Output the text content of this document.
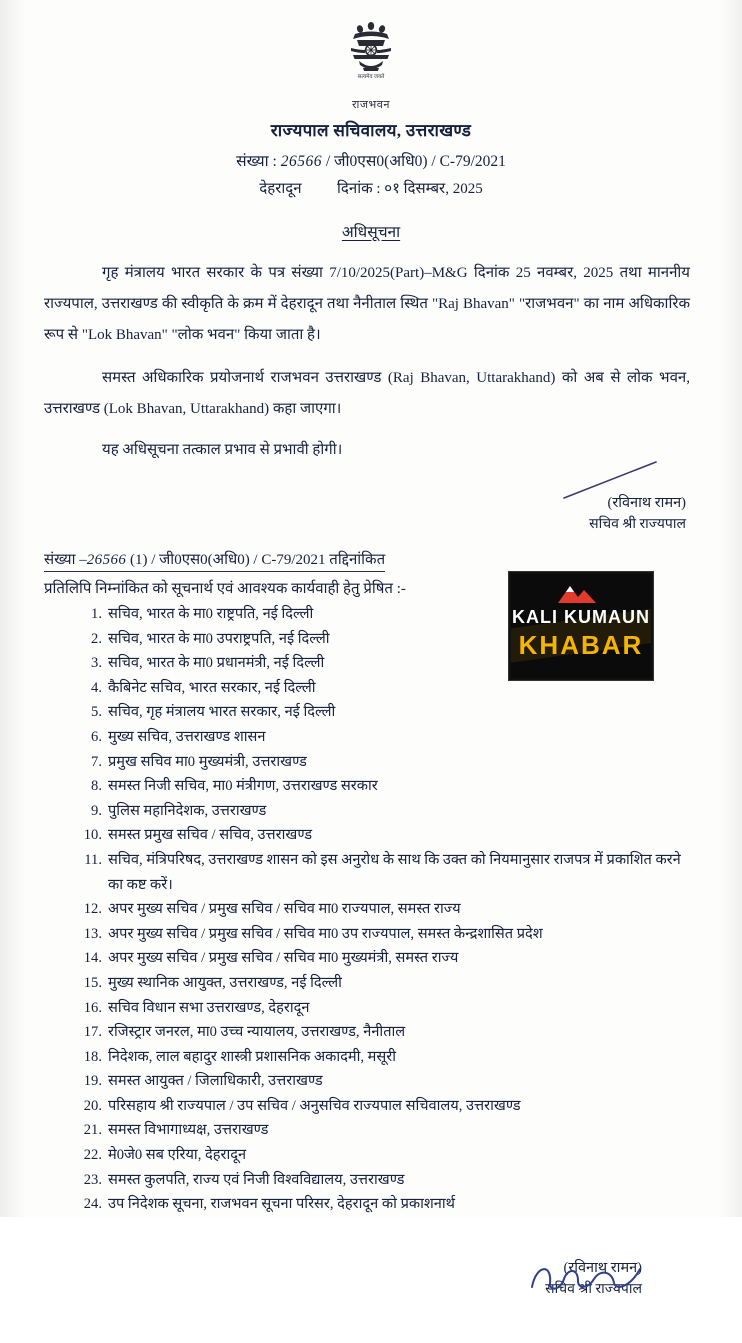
सत्यमेव जयते
राजभवन
राज्यपाल सचिवालय, उत्तराखण्ड
संख्या : 26566 / जी0एस0(अधि0) / C-79/2021
देहरादून दिनांक : ०१ दिसम्बर, 2025
अधिसूचना

गृह मंत्रालय भारत सरकार के पत्र संख्या 7/10/2025(Part)–M&G दिनांक 25 नवम्बर, 2025 तथा माननीय राज्यपाल, उत्तराखण्ड की स्वीकृति के क्रम में देहरादून तथा नैनीताल स्थित "Raj Bhavan" "राजभवन" का नाम अधिकारिक रूप से "Lok Bhavan" "लोक भवन" किया जाता है।

समस्त अधिकारिक प्रयोजनार्थ राजभवन उत्तराखण्ड (Raj Bhavan, Uttarakhand) को अब से लोक भवन, उत्तराखण्ड (Lok Bhavan, Uttarakhand) कहा जाएगा।

यह अधिसूचना तत्काल प्रभाव से प्रभावी होगी।

(रविनाथ रामन)
सचिव श्री राज्यपाल
संख्या –26566 (1) / जी0एस0(अधि0) / C-79/2021 तद्दिनांकित
प्रतिलिपि निम्नांकित को सूचनार्थ एवं आवश्यक कार्यवाही हेतु प्रेषित :-
सचिव, भारत के मा0 राष्ट्रपति, नई दिल्ली
सचिव, भारत के मा0 उपराष्ट्रपति, नई दिल्ली
सचिव, भारत के मा0 प्रधानमंत्री, नई दिल्ली
कैबिनेट सचिव, भारत सरकार, नई दिल्ली
सचिव, गृह मंत्रालय भारत सरकार, नई दिल्ली
मुख्य सचिव, उत्तराखण्ड शासन
प्रमुख सचिव मा0 मुख्यमंत्री, उत्तराखण्ड
समस्त निजी सचिव, मा0 मंत्रीगण, उत्तराखण्ड सरकार
पुलिस महानिदेशक, उत्तराखण्ड
समस्त प्रमुख सचिव / सचिव, उत्तराखण्ड
सचिव, मंत्रिपरिषद, उत्तराखण्ड शासन को इस अनुरोध के साथ कि उक्त को नियमानुसार राजपत्र में प्रकाशित करने का कष्ट करें।
अपर मुख्य सचिव / प्रमुख सचिव / सचिव मा0 राज्यपाल, समस्त राज्य
अपर मुख्य सचिव / प्रमुख सचिव / सचिव मा0 उप राज्यपाल, समस्त केन्द्रशासित प्रदेश
अपर मुख्य सचिव / प्रमुख सचिव / सचिव मा0 मुख्यमंत्री, समस्त राज्य
मुख्य स्थानिक आयुक्त, उत्तराखण्ड, नई दिल्ली
सचिव विधान सभा उत्तराखण्ड, देहरादून
रजिस्ट्रार जनरल, मा0 उच्च न्यायालय, उत्तराखण्ड, नैनीताल
निदेशक, लाल बहादुर शास्त्री प्रशासनिक अकादमी, मसूरी
समस्त आयुक्त / जिलाधिकारी, उत्तराखण्ड
परिसहाय श्री राज्यपाल / उप सचिव / अनुसचिव राज्यपाल सचिवालय, उत्तराखण्ड
समस्त विभागाध्यक्ष, उत्तराखण्ड
मे0जे0 सब एरिया, देहरादून
समस्त कुलपति, राज्य एवं निजी विश्वविद्यालय, उत्तराखण्ड
उप निदेशक सूचना, राजभवन सूचना परिसर, देहरादून को प्रकाशनार्थ
(रविनाथ रामन)
सचिव श्री राज्यपाल
KALI KUMAUN
KHABAR
